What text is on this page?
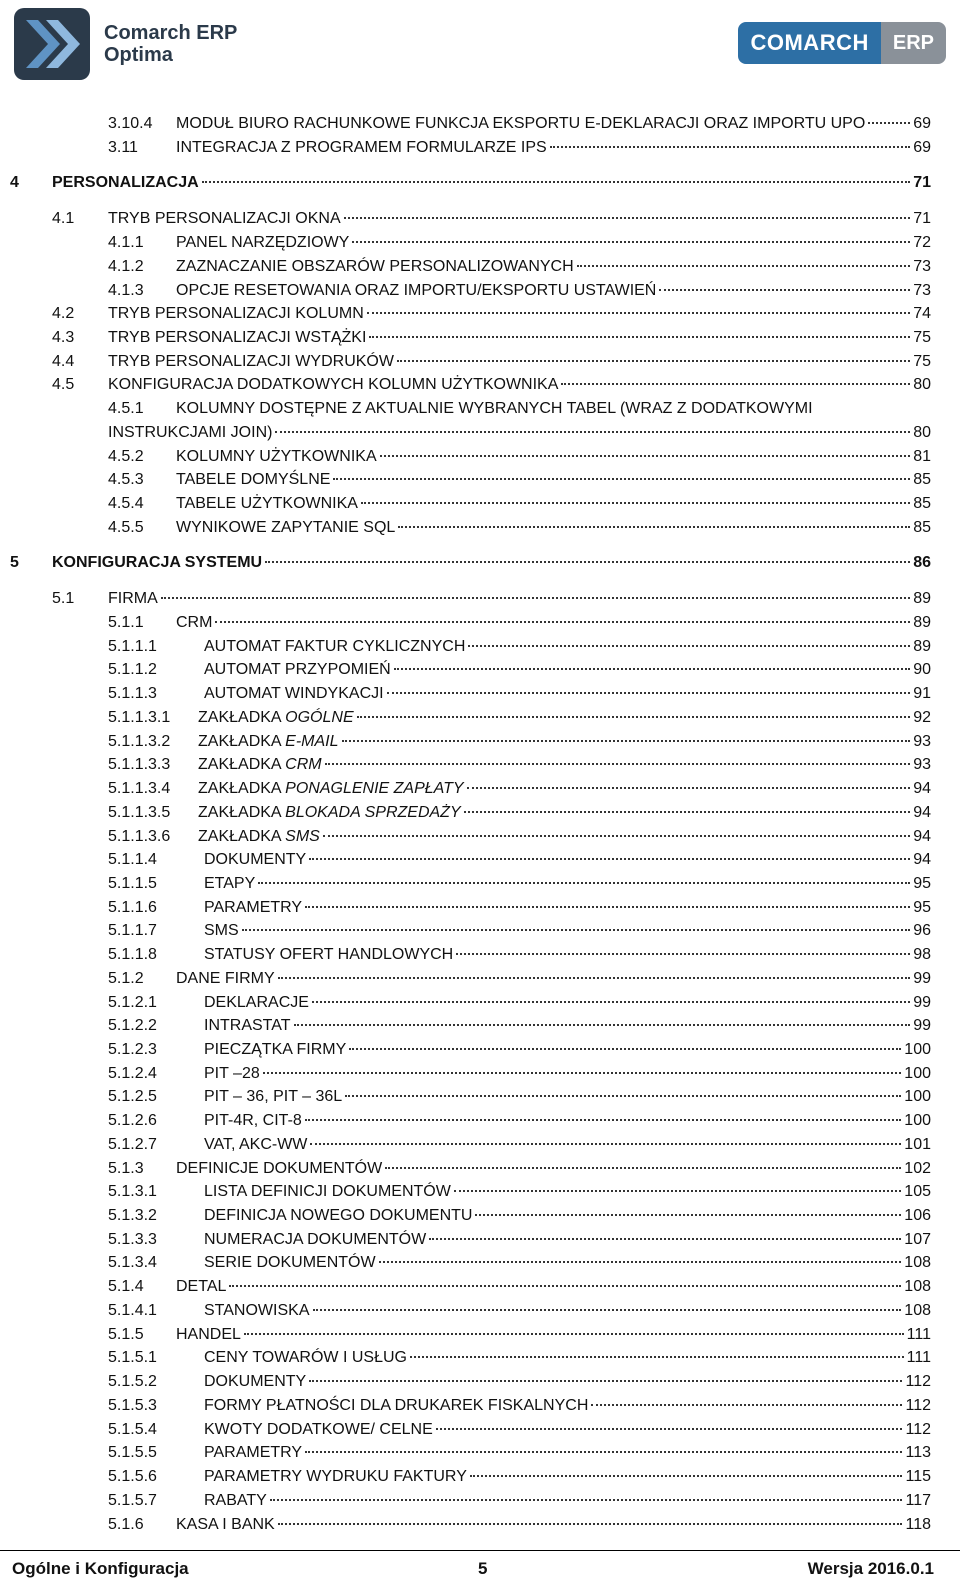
Comarch ERP
Optima	COMARCH	ERP
3.10.4	MODUŁ BIURO RACHUNKOWE FUNKCJA EKSPORTU E-DEKLARACJI ORAZ IMPORTU UPO	69
3.11	INTEGRACJA Z PROGRAMEM FORMULARZE IPS	69
4	PERSONALIZACJA	71
4.1	TRYB PERSONALIZACJI OKNA	71
4.1.1	PANEL NARZĘDZIOWY	72
4.1.2	ZAZNACZANIE OBSZARÓW PERSONALIZOWANYCH	73
4.1.3	OPCJE RESETOWANIA ORAZ IMPORTU/EKSPORTU USTAWIEŃ	73
4.2	TRYB PERSONALIZACJI KOLUMN	74
4.3	TRYB PERSONALIZACJI WSTĄŻKI	75
4.4	TRYB PERSONALIZACJI WYDRUKÓW	75
4.5	KONFIGURACJA DODATKOWYCH KOLUMN UŻYTKOWNIKA	80
4.5.1	KOLUMNY DOSTĘPNE Z AKTUALNIE WYBRANYCH TABEL (WRAZ Z DODATKOWYMI
INSTRUKCJAMI JOIN)	80
4.5.2	KOLUMNY UŻYTKOWNIKA	81
4.5.3	TABELE DOMYŚLNE	85
4.5.4	TABELE UŻYTKOWNIKA	85
4.5.5	WYNIKOWE ZAPYTANIE SQL	85
5	KONFIGURACJA SYSTEMU	86
5.1	FIRMA	89
5.1.1	CRM	89
5.1.1.1	AUTOMAT FAKTUR CYKLICZNYCH	89
5.1.1.2	AUTOMAT PRZYPOMIEŃ	90
5.1.1.3	AUTOMAT WINDYKACJI	91
5.1.1.3.1	ZAKŁADKA OGÓLNE	92
5.1.1.3.2	ZAKŁADKA E-MAIL	93
5.1.1.3.3	ZAKŁADKA CRM	93
5.1.1.3.4	ZAKŁADKA PONAGLENIE ZAPŁATY	94
5.1.1.3.5	ZAKŁADKA BLOKADA SPRZEDAŻY	94
5.1.1.3.6	ZAKŁADKA SMS	94
5.1.1.4	DOKUMENTY	94
5.1.1.5	ETAPY	95
5.1.1.6	PARAMETRY	95
5.1.1.7	SMS	96
5.1.1.8	STATUSY OFERT HANDLOWYCH	98
5.1.2	DANE FIRMY	99
5.1.2.1	DEKLARACJE	99
5.1.2.2	INTRASTAT	99
5.1.2.3	PIECZĄTKA FIRMY	100
5.1.2.4	PIT –28	100
5.1.2.5	PIT – 36, PIT – 36L	100
5.1.2.6	PIT-4R, CIT-8	100
5.1.2.7	VAT, AKC-WW	101
5.1.3	DEFINICJE DOKUMENTÓW	102
5.1.3.1	LISTA DEFINICJI DOKUMENTÓW	105
5.1.3.2	DEFINICJA NOWEGO DOKUMENTU	106
5.1.3.3	NUMERACJA DOKUMENTÓW	107
5.1.3.4	SERIE DOKUMENTÓW	108
5.1.4	DETAL	108
5.1.4.1	STANOWISKA	108
5.1.5	HANDEL	111
5.1.5.1	CENY TOWARÓW I USŁUG	111
5.1.5.2	DOKUMENTY	112
5.1.5.3	FORMY PŁATNOŚCI DLA DRUKAREK FISKALNYCH	112
5.1.5.4	KWOTY DODATKOWE/ CELNE	112
5.1.5.5	PARAMETRY	113
5.1.5.6	PARAMETRY WYDRUKU FAKTURY	115
5.1.5.7	RABATY	117
5.1.6	KASA I BANK	118
Ogólne i Konfiguracja	5	Wersja 2016.0.1
